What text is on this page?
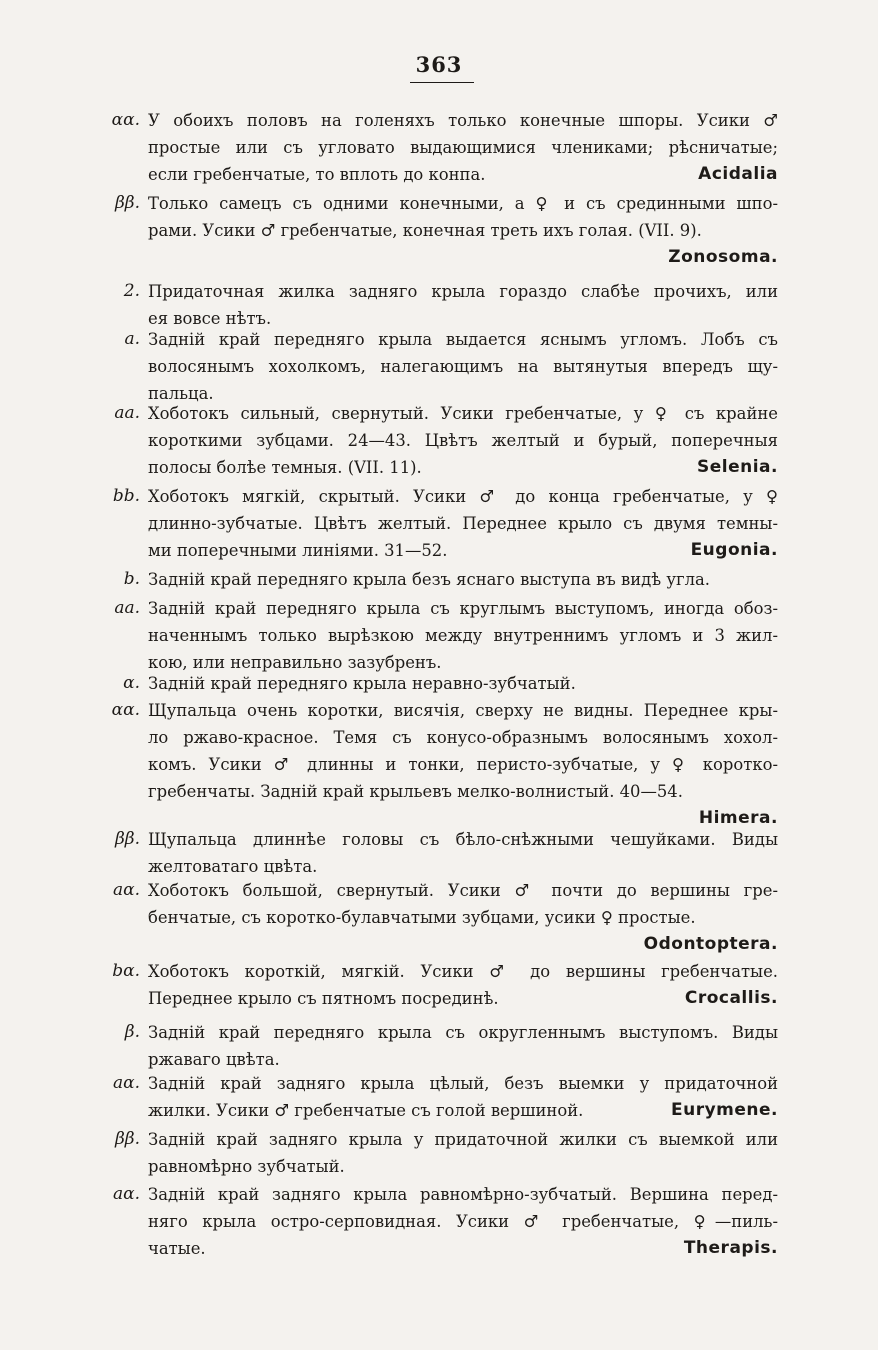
363
αα. У обоихъ половъ на голеняхъ только конечные шпоры. Усики ♂
простые или съ угловато выдающимися члениками; рѣсничатые;
если гребенчатые, то вплоть до конпа.	Acidalia
ββ. Только самецъ съ одними конечными, а ♀ и съ срединными шпо-
рами. Усики ♂ гребенчатые, конечная треть ихъ голая. (VII. 9).
Zonosoma.
2. Придаточная жилка задняго крыла гораздо слабѣе прочихъ, или
ея вовсе нѣтъ.
а. Заднiй край передняго крыла выдается яснымъ угломъ. Лобъ съ
волосянымъ хохолкомъ, налегающимъ на вытянутыя впередъ щу-
пальца.
аа. Хоботокъ сильный, свернутый. Усики гребенчатые, у ♀ съ крайне
короткими зубцами. 24—43. Цвѣтъ желтый и бурый, поперечныя
полосы болѣе темныя. (VII. 11).	Selenia.
bb. Хоботокъ мягкiй, скрытый. Усики ♂ до конца гребенчатые, у ♀
длинно-зубчатые. Цвѣтъ желтый. Переднее крыло съ двумя темны-
ми поперечными линiями. 31—52.	Eugonia.
b. Заднiй край передняго крыла безъ яснаго выступа въ видѣ угла.
аа. Заднiй край передняго крыла съ круглымъ выступомъ, иногда обоз-
наченнымъ только вырѣзкою между внутреннимъ угломъ и 3 жил-
кою, или неправильно зазубренъ.
α. Заднiй край передняго крыла неравно-зубчатый.
αα. Щупальца очень коротки, висячiя, сверху не видны. Переднее кры-
ло ржаво-красное. Темя съ конусо-образнымъ волосянымъ хохол-
комъ. Усики ♂ длинны и тонки, перисто-зубчатые, у ♀ коротко-
гребенчаты. Заднiй край крыльевъ мелко-волнистый. 40—54.
Himera.
ββ. Щупальца длиннѣе головы съ бѣло-снѣжными чешуйками. Виды
желтоватаго цвѣта.
аα. Хоботокъ большой, свернутый. Усики ♂ почти до вершины гре-
бенчатые, съ коротко-булавчатыми зубцами, усики ♀ простые.
Odontoptera.
bα. Хоботокъ короткiй, мягкiй. Усики ♂ до вершины гребенчатые.
Переднее крыло съ пятномъ посрединѣ.	Crocallis.
β. Заднiй край передняго крыла съ округленнымъ выступомъ. Виды
ржаваго цвѣта.
аα. Заднiй край задняго крыла цѣлый, безъ выемки у придаточной
жилки. Усики ♂ гребенчатые съ голой вершиной.	Eurymene.
ββ. Заднiй край задняго крыла у придаточной жилки съ выемкой или
равномѣрно зубчатый.
аα. Заднiй край задняго крыла равномѣрно-зубчатый. Вершина перед-
няго крыла остро-серповидная. Усики ♂ гребенчатые, ♀—пиль-
чатые.	Therapis.
